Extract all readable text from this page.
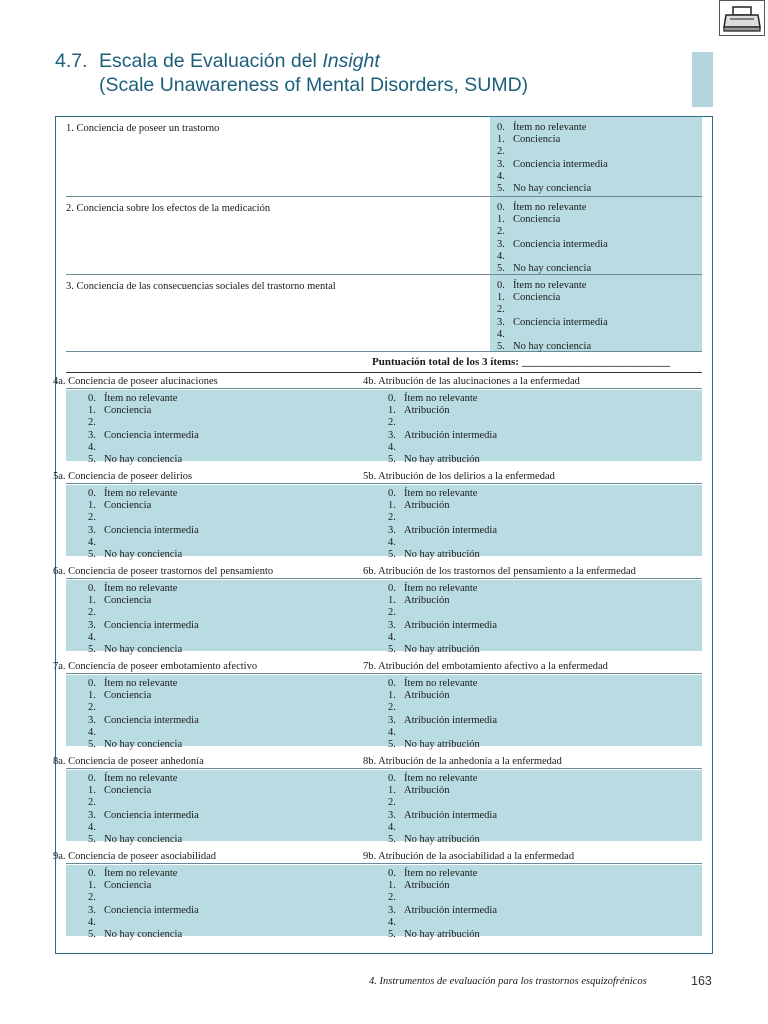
4.7. Escala de Evaluación del Insight
(Scale Unawareness of Mental Disorders, SUMD)
1. Conciencia de poseer un trastorno	0. Ítem no relevante
1. Conciencia
2.
3. Conciencia intermedia
4.
5. No hay conciencia
2. Conciencia sobre los efectos de la medicación	0. Ítem no relevante
1. Conciencia
2.
3. Conciencia intermedia
4.
5. No hay conciencia
3. Conciencia de las consecuencias sociales del trastorno mental	0. Ítem no relevante
1. Conciencia
2.
3. Conciencia intermedia
4.
5. No hay conciencia
Puntuación total de los 3 ítems: ___________________________
4a. Conciencia de poseer alucinaciones	4b. Atribución de las alucinaciones a la enfermedad
0. Ítem no relevante
1. Conciencia
2.
3. Conciencia intermedia
4.
5. No hay conciencia
0. Ítem no relevante
1. Atribución
2.
3. Atribución intermedia
4.
5. No hay atribución
5a. Conciencia de poseer delirios	5b. Atribución de los delirios a la enfermedad
0. Ítem no relevante
1. Conciencia
2.
3. Conciencia intermedia
4.
5. No hay conciencia
0. Ítem no relevante
1. Atribución
2.
3. Atribución intermedia
4.
5. No hay atribución
6a. Conciencia de poseer trastornos del pensamiento	6b. Atribución de los trastornos del pensamiento a la enfermedad
0. Ítem no relevante
1. Conciencia
2.
3. Conciencia intermedia
4.
5. No hay conciencia
0. Ítem no relevante
1. Atribución
2.
3. Atribución intermedia
4.
5. No hay atribución
7a. Conciencia de poseer embotamiento afectivo	7b. Atribución del embotamiento afectivo a la enfermedad
0. Ítem no relevante
1. Conciencia
2.
3. Conciencia intermedia
4.
5. No hay conciencia
0. Ítem no relevante
1. Atribución
2.
3. Atribución intermedia
4.
5. No hay atribución
8a. Conciencia de poseer anhedonía	8b. Atribución de la anhedonía a la enfermedad
0. Ítem no relevante
1. Conciencia
2.
3. Conciencia intermedia
4.
5. No hay conciencia
0. Ítem no relevante
1. Atribución
2.
3. Atribución intermedia
4.
5. No hay atribución
9a. Conciencia de poseer asociabilidad	9b. Atribución de la asociabilidad a la enfermedad
0. Ítem no relevante
1. Conciencia
2.
3. Conciencia intermedia
4.
5. No hay conciencia
0. Ítem no relevante
1. Atribución
2.
3. Atribución intermedia
4.
5. No hay atribución
4. Instrumentos de evaluación para los trastornos esquizofrénicos	163
